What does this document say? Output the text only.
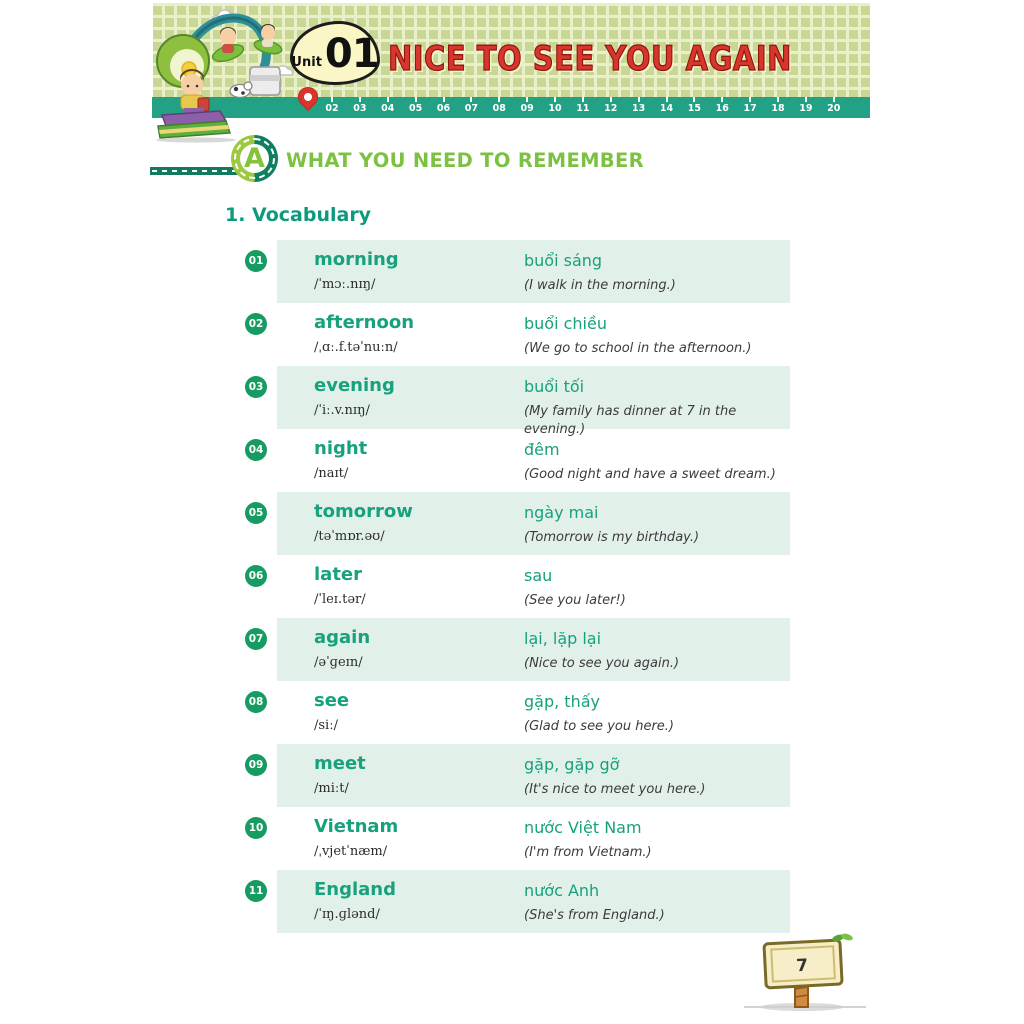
02 03 04 05 06 07 08 09 10 11 12 13 14 15 16 17 18 19 20
Unit 01 NICE TO SEE YOU AGAIN
A WHAT YOU NEED TO REMEMBER
1. Vocabulary
01	morning
/ˈmɔː.nɪŋ/
buổi sáng
(I walk in the morning.)
02	afternoon
/ˌɑː.f.təˈnuːn/
buổi chiều
(We go to school in the afternoon.)
03	evening
/ˈiː.v.nɪŋ/
buổi tối
(My family has dinner at 7 in the evening.)
04	night
/naɪt/
đêm
(Good night and have a sweet dream.)
05	tomorrow
/təˈmɒr.əʊ/
ngày mai
(Tomorrow is my birthday.)
06	later
/ˈleɪ.tər/
sau
(See you later!)
07	again
/əˈɡeɪn/
lại, lặp lại
(Nice to see you again.)
08	see
/siː/
gặp, thấy
(Glad to see you here.)
09	meet
/miːt/
gặp, gặp gỡ
(It's nice to meet you here.)
10	Vietnam
/ˌvjetˈnæm/
nước Việt Nam
(I'm from Vietnam.)
11	England
/ˈɪŋ.ɡlənd/
nước Anh
(She's from England.)
7
